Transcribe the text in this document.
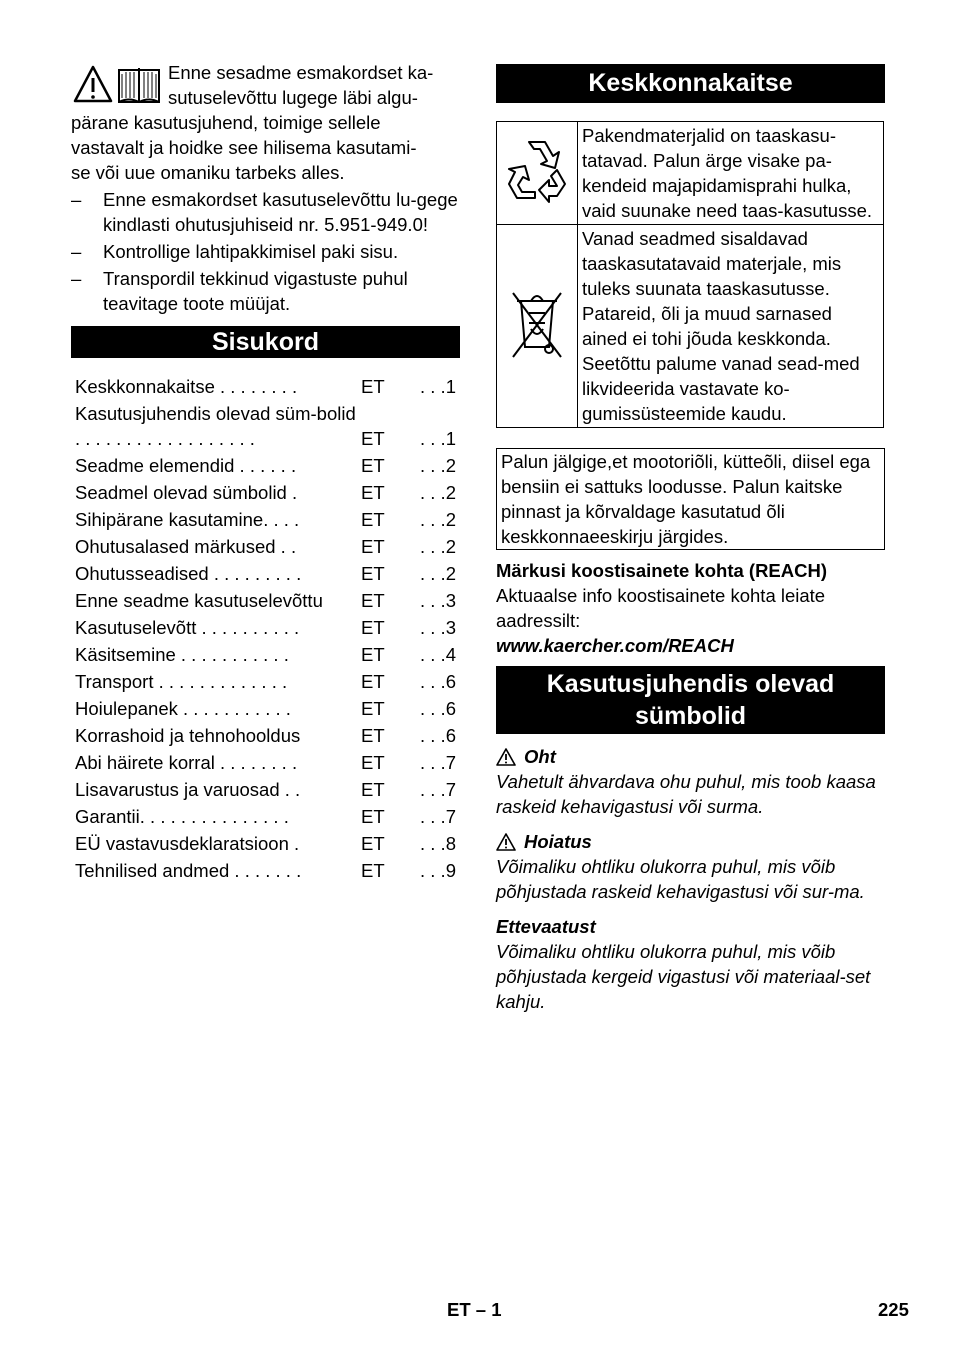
Enne sesadme esmakordset ka-
sutuselevõttu lugege läbi algu-
pärane kasutusjuhend, toimige sellele
vastavalt ja hoidke see hilisema kasutami-
se või uue omaniku tarbeks alles.
– Enne esmakordset kasutuselevõttu lu-gege kindlasti ohutusjuhiseid nr. 5.951-949.0!
– Kontrollige lahtipakkimisel paki sisu.
– Transpordil tekkinud vigastuste puhul teavitage toote müüjat.
Sisukord
Keskkonnakaitse . . . . . . . .	ET	. . .1
Kasutusjuhendis olevad süm-bolid . . . . . . . . . . . . . . . . . .	ET	. . .1
Seadme elemendid . . . . . .	ET	. . .2
Seadmel olevad sümbolid .	ET	. . .2
Sihipärane kasutamine. . . .	ET	. . .2
Ohutusalased märkused . .	ET	. . .2
Ohutusseadised . . . . . . . . .	ET	. . .2
Enne seadme kasutuselevõttu	ET	. . .3
Kasutuselevõtt . . . . . . . . . .	ET	. . .3
Käsitsemine . . . . . . . . . . .	ET	. . .4
Transport . . . . . . . . . . . . .	ET	. . .6
Hoiulepanek . . . . . . . . . . .	ET	. . .6
Korrashoid ja tehnohooldus	ET	. . .6
Abi häirete korral . . . . . . . .	ET	. . .7
Lisavarustus ja varuosad . .	ET	. . .7
Garantii. . . . . . . . . . . . . . .	ET	. . .7
EÜ vastavusdeklaratsioon .	ET	. . .8
Tehnilised andmed . . . . . . .	ET	. . .9
Keskkonnakaitse
	Pakendmaterjalid on taaskasu-tatavad. Palun ärge visake pa-kendeid majapidamisprahi hulka, vaid suunake need taas-kasutusse.
	Vanad seadmed sisaldavad taaskasutatavaid materjale, mis tuleks suunata taaskasutusse. Patareid, õli ja muud sarnased ained ei tohi jõuda keskkonda. Seetõttu palume vanad sead-med likvideerida vastavate ko-gumissüsteemide kaudu.
Palun jälgige,et mootoriõli, kütteõli, diisel ega bensiin ei sattuks loodusse. Palun kaitske pinnast ja kõrvaldage kasutatud õli keskkonnaeeskirju järgides.
Märkusi koostisainete kohta (REACH)
Aktuaalse info koostisainete kohta leiate aadressilt:
www.kaercher.com/REACH
Kasutusjuhendis olevad
sümbolid
Oht
Vahetult ähvardava ohu puhul, mis toob kaasa raskeid kehavigastusi või surma.
Hoiatus
Võimaliku ohtliku olukorra puhul, mis võib põhjustada raskeid kehavigastusi või sur-ma.
Ettevaatust
Võimaliku ohtliku olukorra puhul, mis võib põhjustada kergeid vigastusi või materiaal-set kahju.
ET – 1	225
